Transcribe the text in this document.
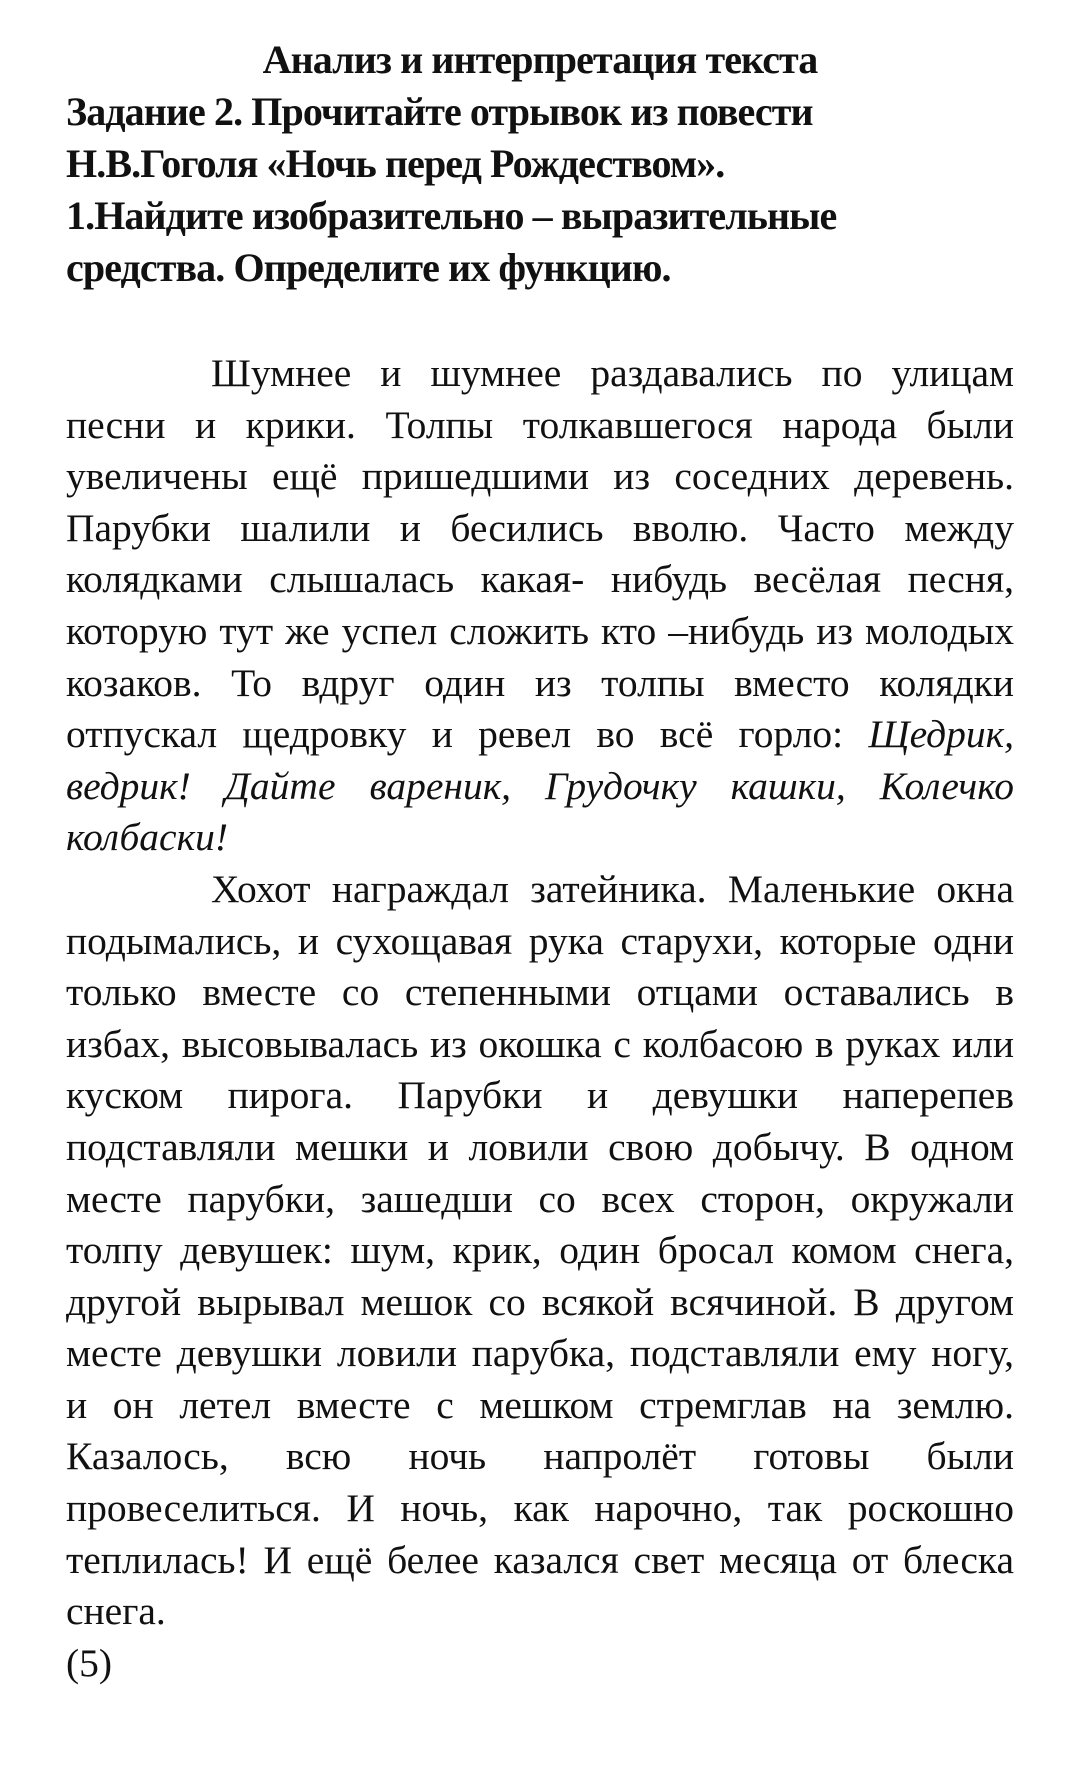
Анализ и интерпретация текста
Задание 2. Прочитайте отрывок из повести
Н.В.Гоголя «Ночь перед Рождеством».
1.Найдите изобразительно – выразительные
средства. Определите их функцию.

Шумнее и шумнее раздавались по улицам песни и крики. Толпы толкавшегося народа были увеличены ещё пришедшими из соседних деревень. Парубки шалили и бесились вволю. Часто между колядками слышалась какая- нибудь весёлая песня, которую тут же успел сложить кто –нибудь из молодых козаков. То вдруг один из толпы вместо колядки отпускал щедровку и ревел во всё горло: Щедрик, ведрик! Дайте вареник, Грудочку кашки, Колечко колбаски!

Хохот награждал затейника. Маленькие окна подымались, и сухощавая рука старухи, которые одни только вместе со степенными отцами оставались в избах, высовывалась из окошка с колбасою в руках или куском пирога. Парубки и девушки наперепев подставляли мешки и ловили свою добычу. В одном месте парубки, зашедши со всех сторон, окружали толпу девушек: шум, крик, один бросал комом снега, другой вырывал мешок со всякой всячиной. В другом месте девушки ловили парубка, подставляли ему ногу, и он летел вместе с мешком стремглав на землю. Казалось, всю ночь напролёт готовы были провеселиться. И ночь, как нарочно, так роскошно теплилась! И ещё белее казался свет месяца от блеска снега.

(5)
